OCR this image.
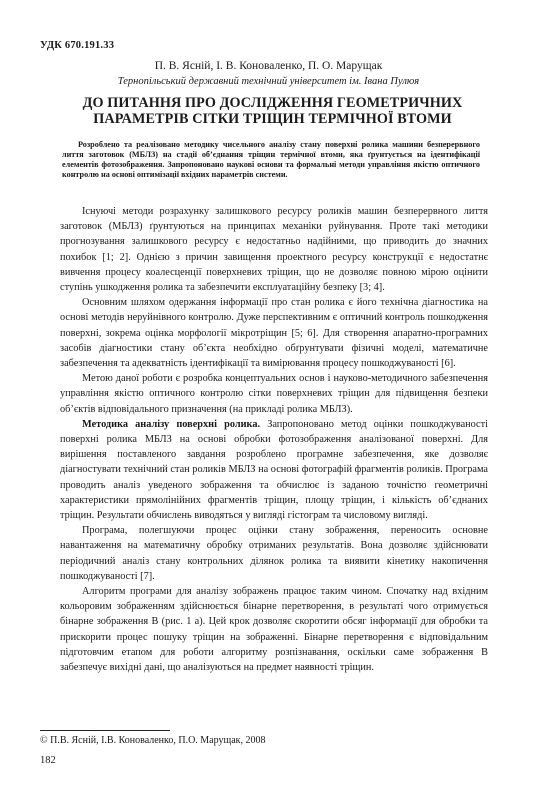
УДК 670.191.33
П. В. Ясній, І. В. Коноваленко, П. О. Марущак
Тернопільський державний технічний університет ім. Івана Пулюя
ДО ПИТАННЯ ПРО ДОСЛІДЖЕННЯ ГЕОМЕТРИЧНИХ ПАРАМЕТРІВ СІТКИ ТРІЩИН ТЕРМІЧНОЇ ВТОМИ

Розроблено та реалізовано методику чисельного аналізу стану поверхні ролика машини безперервного лиття заготовок (МБЛЗ) на стадії об’єднання тріщин термічної втоми, яка ґрунтується на ідентифікації елементів фотозображення. Запропоновано наукові основи та формальні методи управління якістю оптичного контролю на основі оптимізації вхідних параметрів системи.

Існуючі методи розрахунку залишкового ресурсу роликів машин безперервного лиття заготовок (МБЛЗ) ґрунтуються на принципах механіки руйнування. Проте такі методики прогнозування залишкового ресурсу є недостатньо надійними, що приводить до значних похибок [1; 2]. Однією з причин завищення проектного ресурсу конструкції є недостатнє вивчення процесу коалесценції поверхневих тріщин, що не дозволяє повною мірою оцінити ступінь ушкодження ролика та забезпечити експлуатаційну безпеку [3; 4].

Основним шляхом одержання інформації про стан ролика є його технічна діагностика на основі методів неруйнівного контролю. Дуже перспективним є оптичний контроль пошкодження поверхні, зокрема оцінка морфології мікротріщин [5; 6]. Для створення апаратно-програмних засобів діагностики стану об’єкта необхідно обґрунтувати фізичні моделі, математичне забезпечення та адекватність ідентифікації та вимірювання процесу пошкоджуваності [6].

Метою даної роботи є розробка концептуальних основ і науково-методичного забезпечення управління якістю оптичного контролю сітки поверхневих тріщин для підвищення безпеки об’єктів відповідального призначення (на прикладі ролика МБЛЗ).

Методика аналізу поверхні ролика. Запропоновано метод оцінки пошкоджуваності поверхні ролика МБЛЗ на основі обробки фотозображення аналізованої поверхні. Для вирішення поставленого завдання розроблено програмне забезпечення, яке дозволяє діагностувати технічний стан роликів МБЛЗ на основі фотографій фрагментів роликів. Програма проводить аналіз уведеного зображення та обчислює із заданою точністю геометричні характеристики прямолінійних фрагментів тріщин, площу тріщин, і кількість об’єднаних тріщин. Результати обчислень виводяться у вигляді гістограм та числовому вигляді.

Програма, полегшуючи процес оцінки стану зображення, переносить основне навантаження на математичну обробку отриманих результатів. Вона дозволяє здійснювати періодичний аналіз стану контрольних ділянок ролика та виявити кінетику накопичення пошкоджуваності [7].

Алгоритм програми для аналізу зображень працює таким чином. Спочатку над вхідним кольоровим зображенням здійснюється бінарне перетворення, в результаті чого отримується бінарне зображення B (рис. 1 а). Цей крок дозволяє скоротити обсяг інформації для обробки та прискорити процес пошуку тріщин на зображенні. Бінарне перетворення є відповідальним підготовчим етапом для роботи алгоритму розпізнавання, оскільки саме зображення B забезпечує вихідні дані, що аналізуються на предмет наявності тріщин.

© П.В. Ясній, І.В. Коноваленко, П.О. Марущак, 2008
182
